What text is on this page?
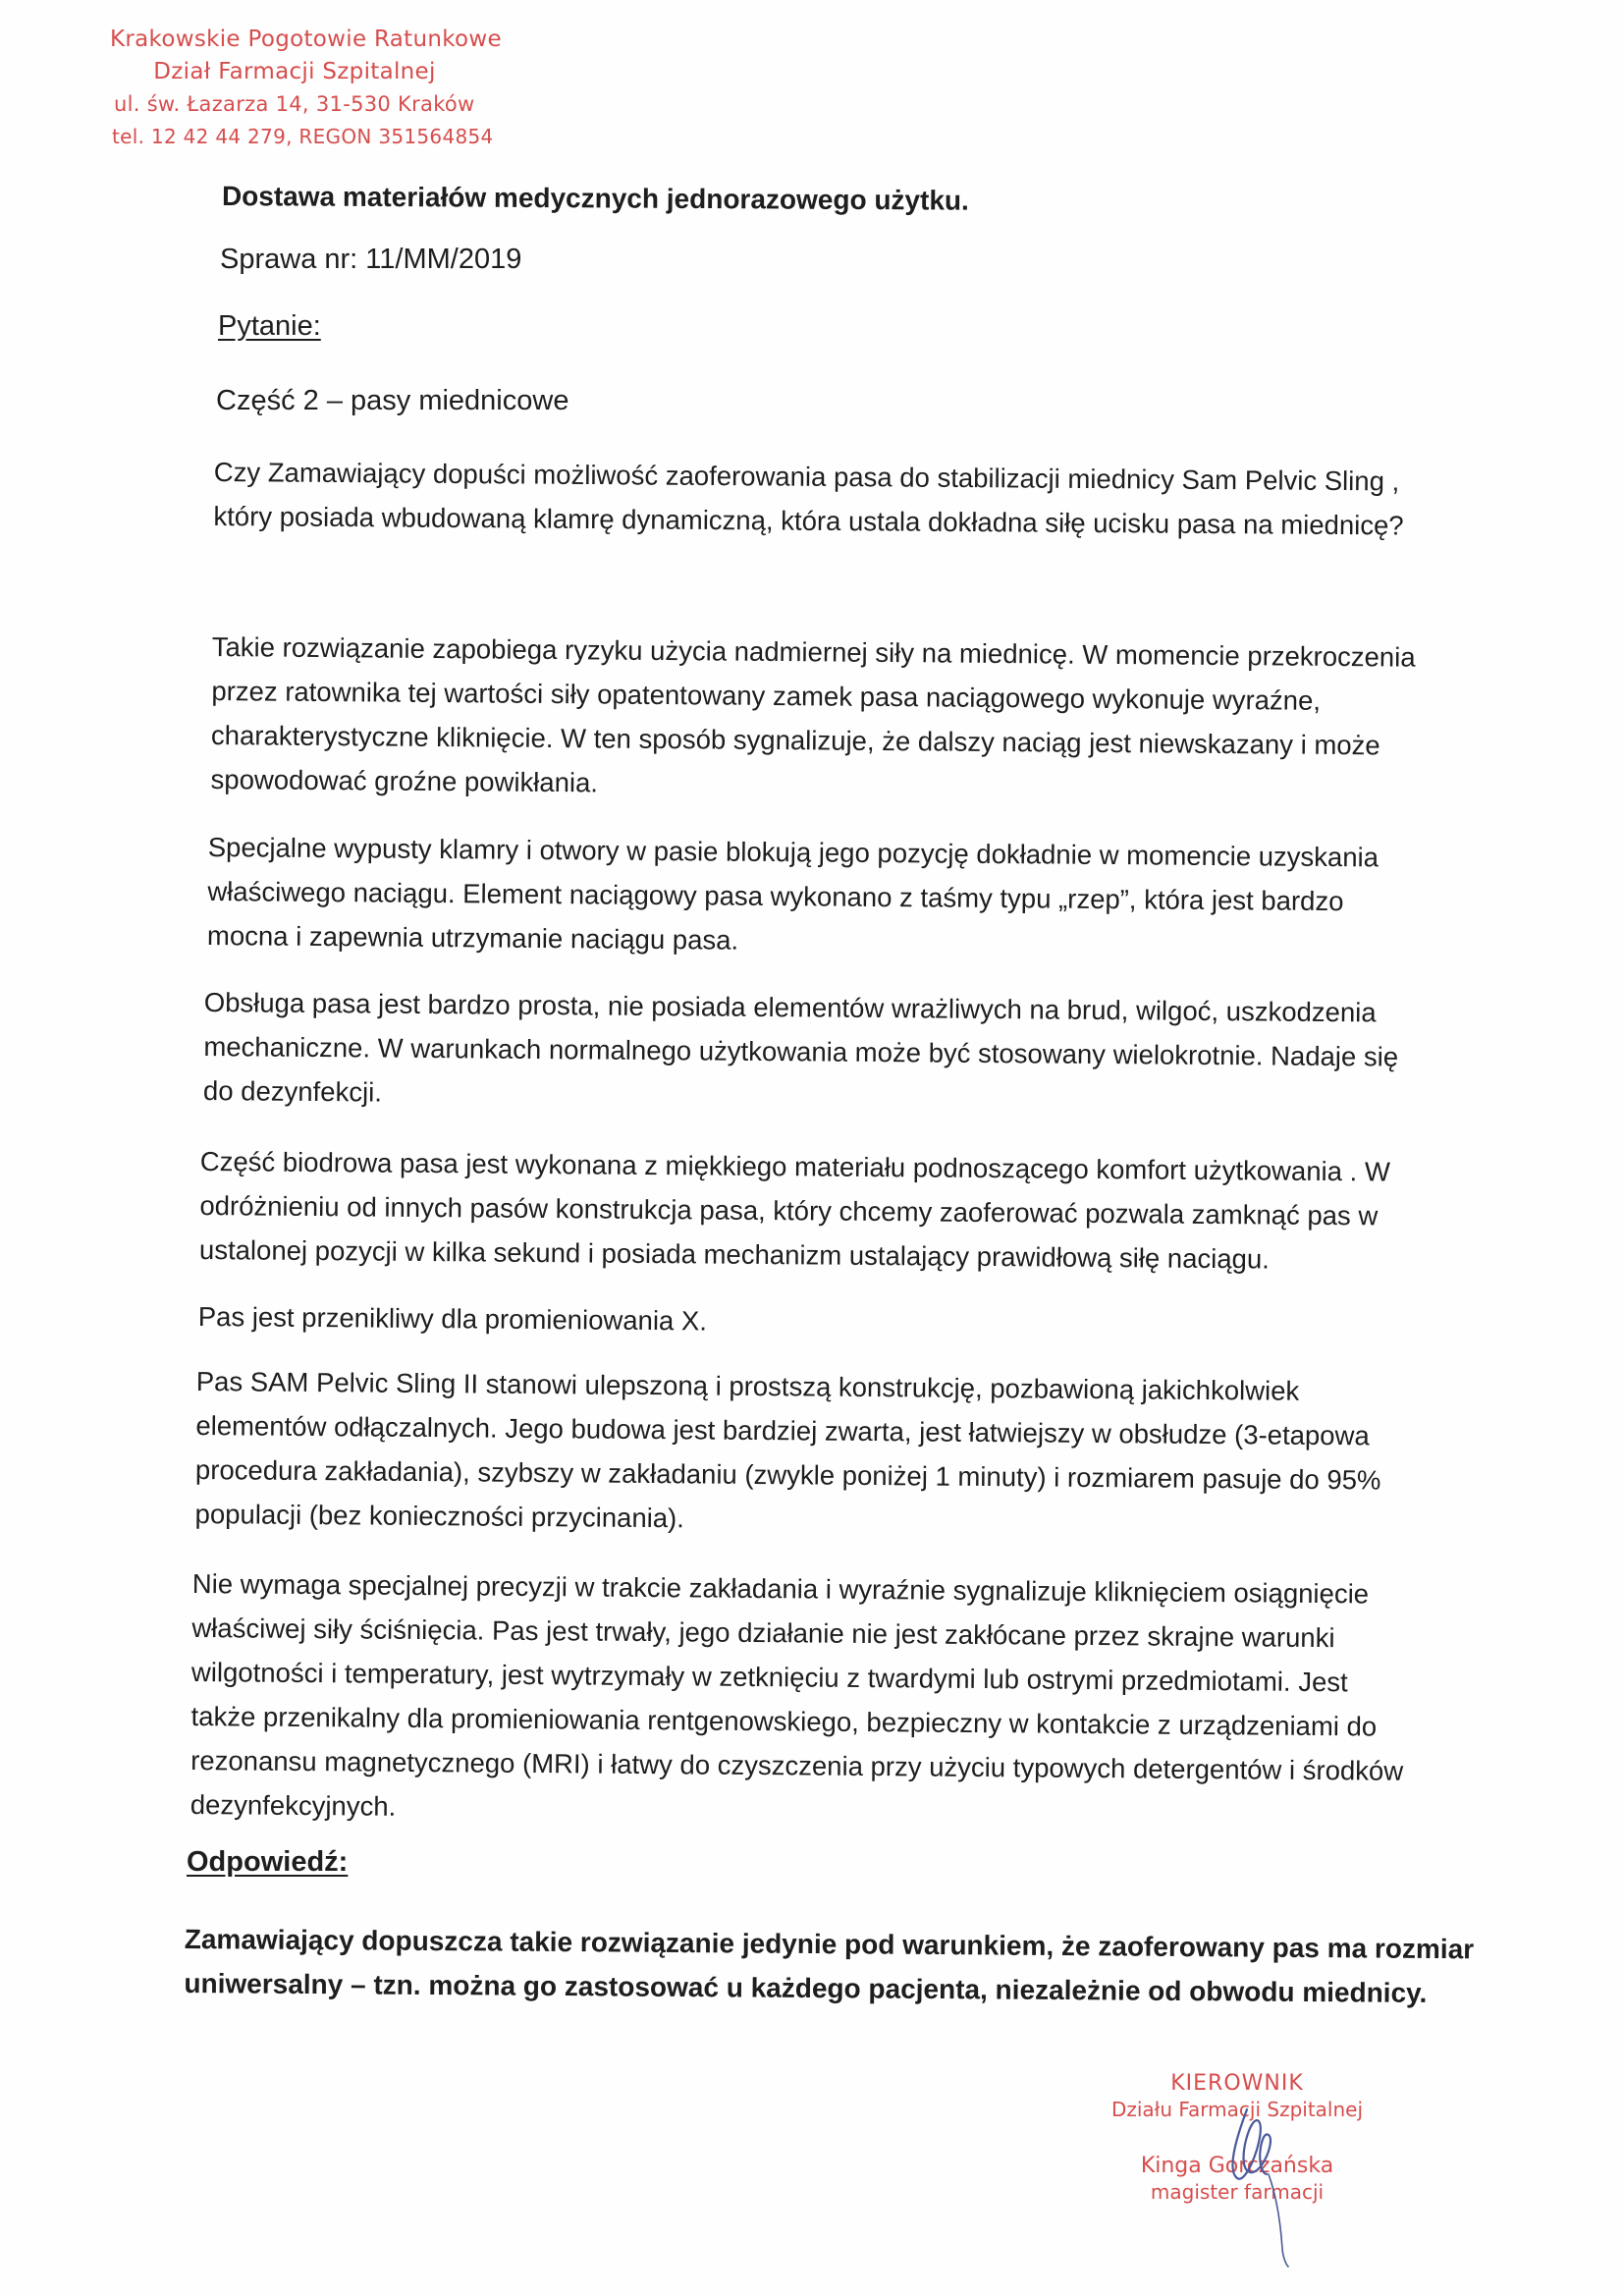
Krakowskie Pogotowie Ratunkowe
Dział Farmacji Szpitalnej
ul. św. Łazarza 14, 31-530 Kraków
tel. 12 42 44 279, REGON 351564854
Dostawa materiałów medycznych jednorazowego użytku.
Sprawa nr: 11/MM/2019
Pytanie:
Część 2 – pasy miednicowe
Czy Zamawiający dopuści możliwość zaoferowania pasa do stabilizacji miednicy Sam Pelvic Sling ,
który posiada wbudowaną klamrę dynamiczną, która ustala dokładna siłę ucisku pasa na miednicę?
Takie rozwiązanie zapobiega ryzyku użycia nadmiernej siły na miednicę. W momencie przekroczenia
przez ratownika tej wartości siły opatentowany zamek pasa naciągowego wykonuje wyraźne,
charakterystyczne kliknięcie. W ten sposób sygnalizuje, że dalszy naciąg jest niewskazany i może
spowodować groźne powikłania.
Specjalne wypusty klamry i otwory w pasie blokują jego pozycję dokładnie w momencie uzyskania
właściwego naciągu. Element naciągowy pasa wykonano z taśmy typu „rzep”, która jest bardzo
mocna i zapewnia utrzymanie naciągu pasa.
Obsługa pasa jest bardzo prosta, nie posiada elementów wrażliwych na brud, wilgoć, uszkodzenia
mechaniczne. W warunkach normalnego użytkowania może być stosowany wielokrotnie. Nadaje się
do dezynfekcji.
Część biodrowa pasa jest wykonana z miękkiego materiału podnoszącego komfort użytkowania . W
odróżnieniu od innych pasów konstrukcja pasa, który chcemy zaoferować pozwala zamknąć pas w
ustalonej pozycji w kilka sekund i posiada mechanizm ustalający prawidłową siłę naciągu.
Pas jest przenikliwy dla promieniowania X.
Pas SAM Pelvic Sling II stanowi ulepszoną i prostszą konstrukcję, pozbawioną jakichkolwiek
elementów odłączalnych. Jego budowa jest bardziej zwarta, jest łatwiejszy w obsłudze (3-etapowa
procedura zakładania), szybszy w zakładaniu (zwykle poniżej 1 minuty) i rozmiarem pasuje do 95%
populacji (bez konieczności przycinania).
Nie wymaga specjalnej precyzji w trakcie zakładania i wyraźnie sygnalizuje kliknięciem osiągnięcie
właściwej siły ściśnięcia. Pas jest trwały, jego działanie nie jest zakłócane przez skrajne warunki
wilgotności i temperatury, jest wytrzymały w zetknięciu z twardymi lub ostrymi przedmiotami. Jest
także przenikalny dla promieniowania rentgenowskiego, bezpieczny w kontakcie z urządzeniami do
rezonansu magnetycznego (MRI) i łatwy do czyszczenia przy użyciu typowych detergentów i środków
dezynfekcyjnych.
Odpowiedź:
Zamawiający dopuszcza takie rozwiązanie jedynie pod warunkiem, że zaoferowany pas ma rozmiar
uniwersalny – tzn. można go zastosować u każdego pacjenta, niezależnie od obwodu miednicy.
KIEROWNIK
Działu Farmacji Szpitalnej
Kinga Gorczańska
magister farmacji
